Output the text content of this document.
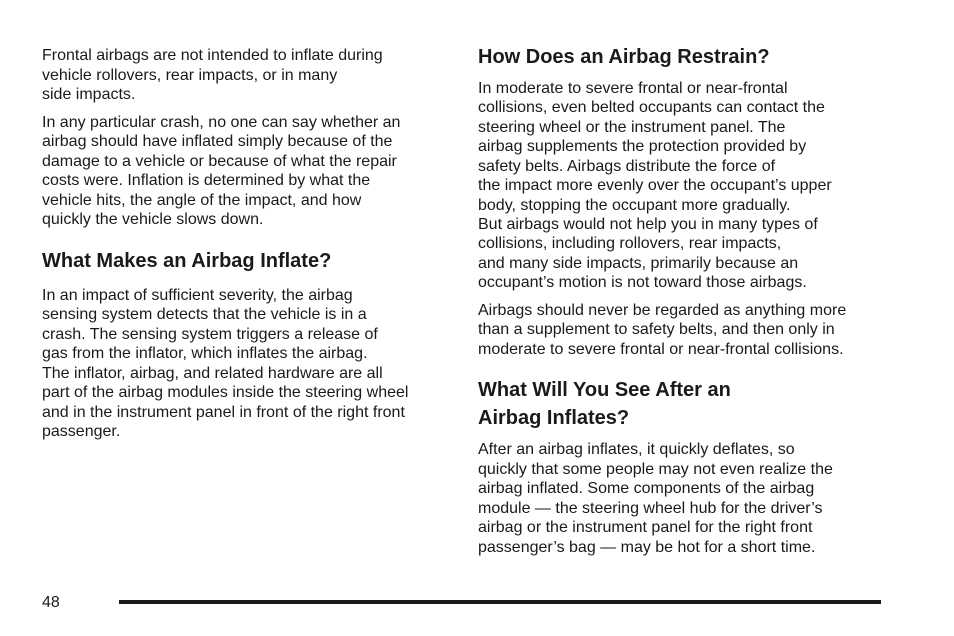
Frontal airbags are not intended to inflate during
vehicle rollovers, rear impacts, or in many
side impacts.
In any particular crash, no one can say whether an
airbag should have inflated simply because of the
damage to a vehicle or because of what the repair
costs were. Inflation is determined by what the
vehicle hits, the angle of the impact, and how
quickly the vehicle slows down.
What Makes an Airbag Inflate?
In an impact of sufficient severity, the airbag
sensing system detects that the vehicle is in a
crash. The sensing system triggers a release of
gas from the inflator, which inflates the airbag.
The inflator, airbag, and related hardware are all
part of the airbag modules inside the steering wheel
and in the instrument panel in front of the right front
passenger.
How Does an Airbag Restrain?
In moderate to severe frontal or near-frontal
collisions, even belted occupants can contact the
steering wheel or the instrument panel. The
airbag supplements the protection provided by
safety belts. Airbags distribute the force of
the impact more evenly over the occupant’s upper
body, stopping the occupant more gradually.
But airbags would not help you in many types of
collisions, including rollovers, rear impacts,
and many side impacts, primarily because an
occupant’s motion is not toward those airbags.
Airbags should never be regarded as anything more
than a supplement to safety belts, and then only in
moderate to severe frontal or near-frontal collisions.
What Will You See After an
Airbag Inflates?
After an airbag inflates, it quickly deflates, so
quickly that some people may not even realize the
airbag inflated. Some components of the airbag
module — the steering wheel hub for the driver’s
airbag or the instrument panel for the right front
passenger’s bag — may be hot for a short time.
48
